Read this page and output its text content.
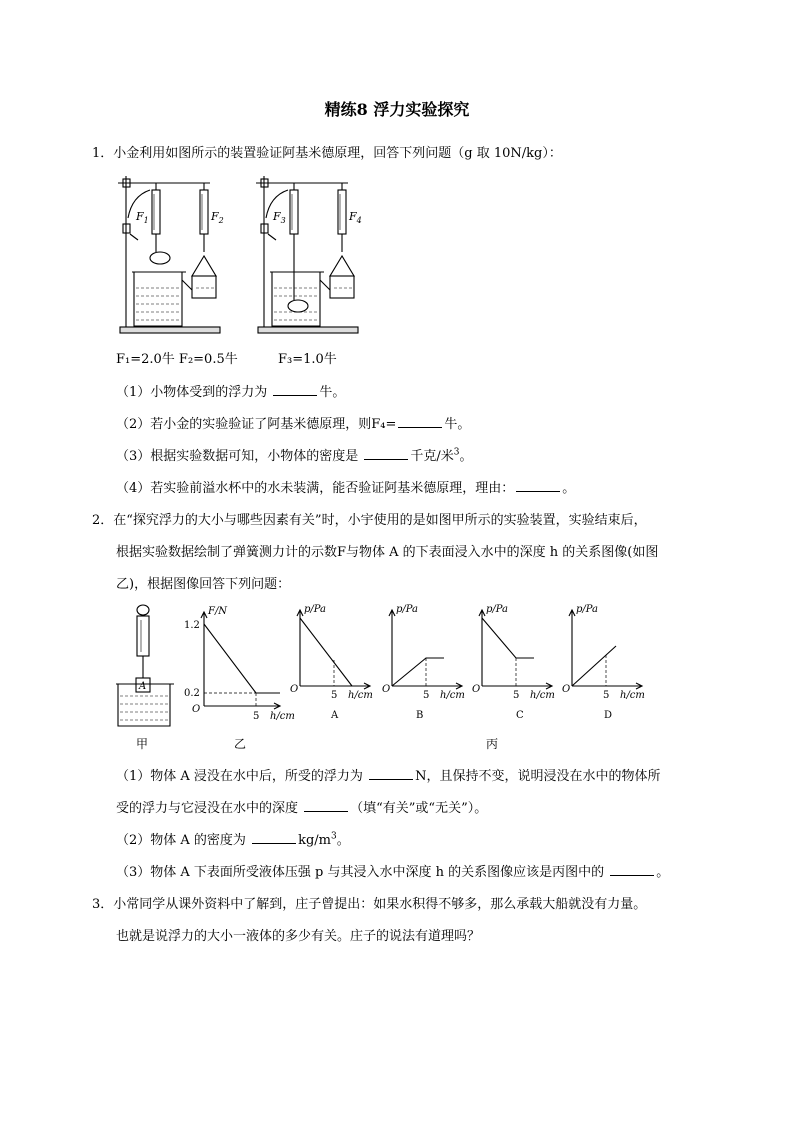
精练8 浮力实验探究
1．小金利用如图所示的装置验证阿基米德原理，回答下列问题（g 取 10N/kg）：
$F_1$	$F_2$	$F_3$	$F_4$
F₁=2.0牛 F₂=0.5牛	F₃=1.0牛
（1）小物体受到的浮力为	牛。
（2）若小金的实验验证了阿基米德原理，则F₄=	牛。
（3）根据实验数据可知，小物体的密度是	千克/米$^3$。
（4）若实验前溢水杯中的水未装满，能否验证阿基米德原理，理由：	。
2．在“探究浮力的大小与哪些因素有关”时，小宇使用的是如图甲所示的实验装置，实验结束后，
根据实验数据绘制了弹簧测力计的示数F与物体 A 的下表面浸入水中的深度 h 的关系图像(如图
乙)，根据图像回答下列问题：
A
甲
F/N
1.2
0.2
O
5 h/cm
乙
p/Pa
O
5 h/cm
A
p/Pa
O
5 h/cm
B
p/Pa
O
5 h/cm
C
p/Pa
O
5 h/cm
D
丙
（1）物体 A 浸没在水中后，所受的浮力为	N，且保持不变，说明浸没在水中的物体所
受的浮力与它浸没在水中的深度	（填“有关”或“无关”）。
（2）物体 A 的密度为	$kg/m^3$。
（3）物体 A 下表面所受液体压强 p 与其浸入水中深度 h 的关系图像应该是丙图中的	。
3．小常同学从课外资料中了解到，庄子曾提出：如果水积得不够多，那么承载大船就没有力量。
也就是说浮力的大小一液体的多少有关。庄子的说法有道理吗？
